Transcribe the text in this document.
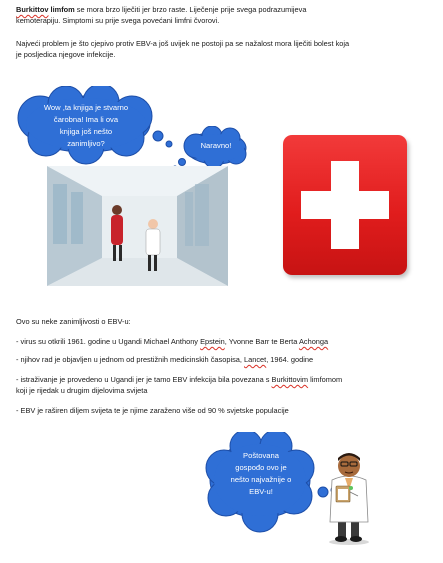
Burkittov limfom se mora brzo liječiti jer brzo raste. Liječenje prije svega podrazumijeva
kemoterapiju. Simptomi su prije svega povećani limfni čvorovi.

Najveći problem je što cjepivo protiv EBV-a još uvijek ne postoji pa se nažalost mora liječiti bolest koja
je posljedica njegove infekcije.

Wow ,ta knjiga je stvarno
čarobna! Ima li ova
knjiga još nešto
zanimljivo?	Naravno!

Ovo su neke zanimljivosti o EBV-u:

- virus su otkrili 1961. godine u Ugandi Michael Anthony Epstein, Yvonne Barr te Berta Achonga

- njihov rad je objavljen u jednom od prestižnih medicinskih časopisa, Lancet, 1964. godine

- istraživanje je provedeno u Ugandi jer je tamo EBV infekcija bila povezana s Burkittovim limfomom
koji je rijedak u drugim dijelovima svijeta

- EBV je raširen diljem svijeta te je njime zaraženo više od 90 % svjetske populacije

Poštovana
gospođo ovo je
nešto najvažnije o
EBV-u!
